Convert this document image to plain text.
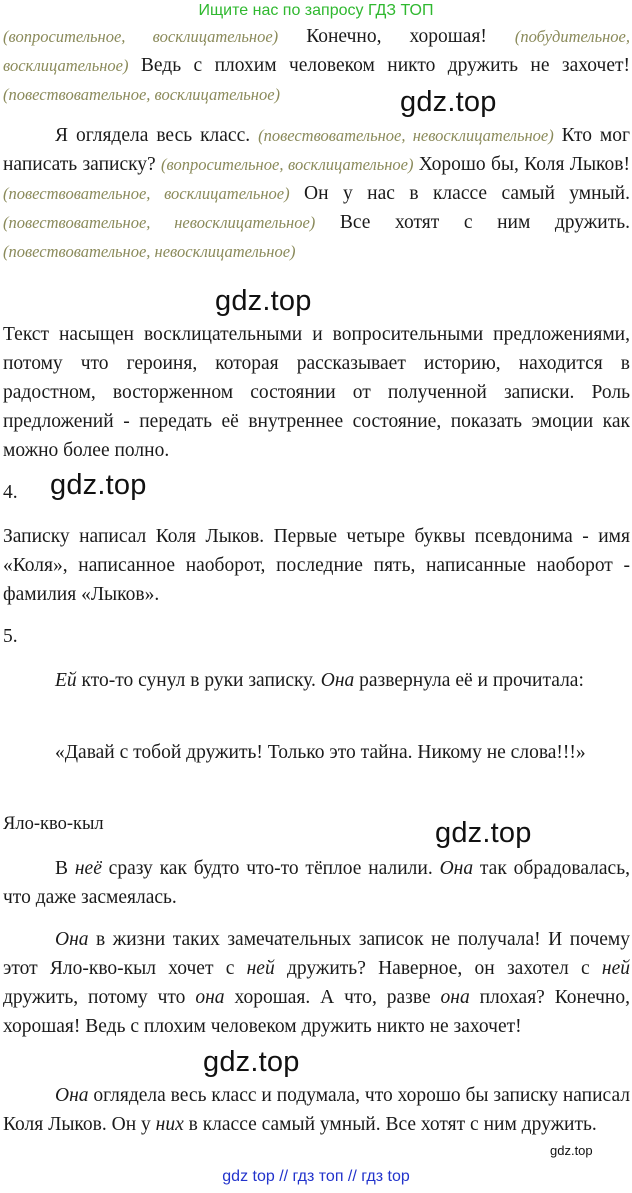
Ищите нас по запросу ГДЗ ТОП
(вопросительное, восклицательное) Конечно, хорошая! (побудительное, восклицательное) Ведь с плохим человеком никто дружить не захочет! (повествовательное, восклицательное)	gdz.top
Я оглядела весь класс. (повествовательное, невосклицательное) Кто мог написать записку? (вопросительное, восклицательное) Хорошо бы, Коля Лыков! (повествовательное, восклицательное) Он у нас в классе самый умный. (повествовательное, невосклицательное) Все хотят с ним дружить. (повествовательное, невосклицательное)
gdz.top
Текст насыщен восклицательными и вопросительными предложениями, потому что героиня, которая рассказывает историю, находится в радостном, восторженном состоянии от полученной записки. Роль предложений - передать её внутреннее состояние, показать эмоции как можно более полно.
4. gdz.top
Записку написал Коля Лыков. Первые четыре буквы псевдонима - имя «Коля», написанное наоборот, последние пять, написанные наоборот - фамилия «Лыков».
5.
Ей кто-то сунул в руки записку. Она развернула её и прочитала:
«Давай с тобой дружить! Только это тайна. Никому не слова!!!»
Яло-кво-кыл	gdz.top
В неё сразу как будто что-то тёплое налили. Она так обрадовалась, что даже засмеялась.
Она в жизни таких замечательных записок не получала! И почему этот Яло-кво-кыл хочет с ней дружить? Наверное, он захотел с ней дружить, потому что она хорошая. А что, разве она плохая? Конечно, хорошая! Ведь с плохим человеком дружить никто не захочет!
gdz.top
Она оглядела весь класс и подумала, что хорошо бы записку написал Коля Лыков. Он у них в классе самый умный. Все хотят с ним дружить.
gdz.top
gdz top // гдз топ // гдз top
